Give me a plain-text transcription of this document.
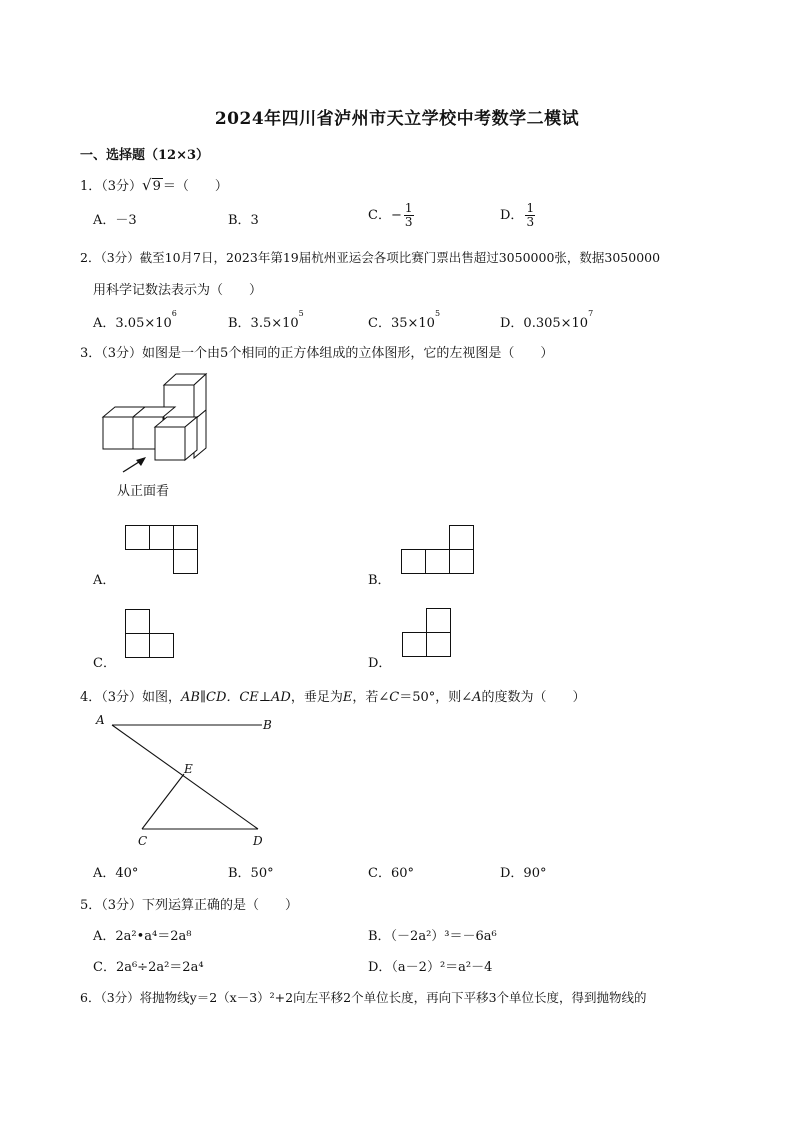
2024年四川省泸州市天立学校中考数学二模试
一、选择题（12×3）
1．（3分）√9 ＝（　　）
A．－3	B．3	C．− $\frac{1}{3}$	D． $\frac{1}{3}$
2．（3分）截至10月7日，2023年第19届杭州亚运会各项比赛门票出售超过3050000张，数据3050000
用科学记数法表示为（　　）
A．$3.05\times 10^6$
B．$3.5\times 10^5$
C．$35\times 10^5$
D．$0.305\times 10^7$
3．（3分）如图是一个由5个相同的正方体组成的立体图形，它的左视图是（　　）
从正面看
A．	B．
C．	D．
4．（3分）如图，AB∥CD．CE⊥AD，垂足为E，若∠C＝50°，则∠A的度数为（　　）
A	B
E
C	D
A．40°	B．50°	C．60°	D．90°
5．（3分）下列运算正确的是（　　）
A．2a²•a⁴＝2a⁸	B．（－2a²）³＝－6a⁶
C．2a⁶÷2a²＝2a⁴	D．（a－2）²＝a²－4
6．（3分）将抛物线y＝2（x－3）²+2向左平移2个单位长度，再向下平移3个单位长度，得到抛物线的
